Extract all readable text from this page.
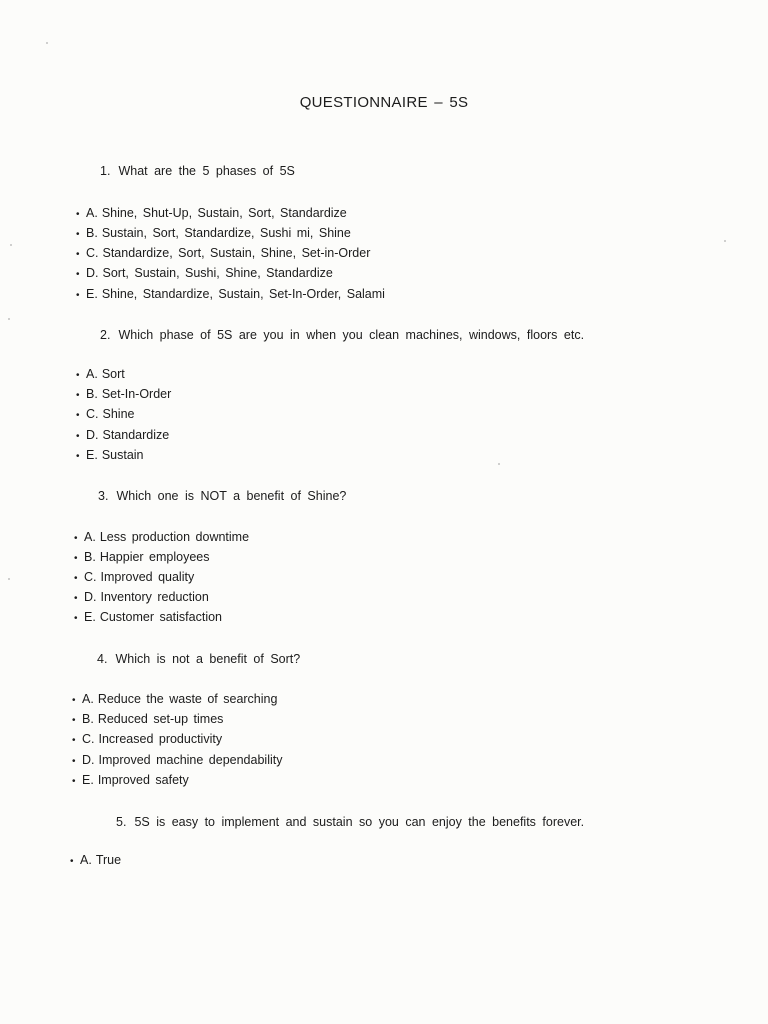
QUESTIONNAIRE – 5S
1. What are the 5 phases of 5S
• A. Shine, Shut-Up, Sustain, Sort, Standardize
• B. Sustain, Sort, Standardize, Sushi mi, Shine
• C. Standardize, Sort, Sustain, Shine, Set-in-Order
• D. Sort, Sustain, Sushi, Shine, Standardize
• E. Shine, Standardize, Sustain, Set-In-Order, Salami
2. Which phase of 5S are you in when you clean machines, windows, floors etc.
• A. Sort
• B. Set-In-Order
• C. Shine
• D. Standardize
• E. Sustain
3. Which one is NOT a benefit of Shine?
• A. Less production downtime
• B. Happier employees
• C. Improved quality
• D. Inventory reduction
• E. Customer satisfaction
4. Which is not a benefit of Sort?
• A. Reduce the waste of searching
• B. Reduced set-up times
• C. Increased productivity
• D. Improved machine dependability
• E. Improved safety
5. 5S is easy to implement and sustain so you can enjoy the benefits forever.
• A. True
